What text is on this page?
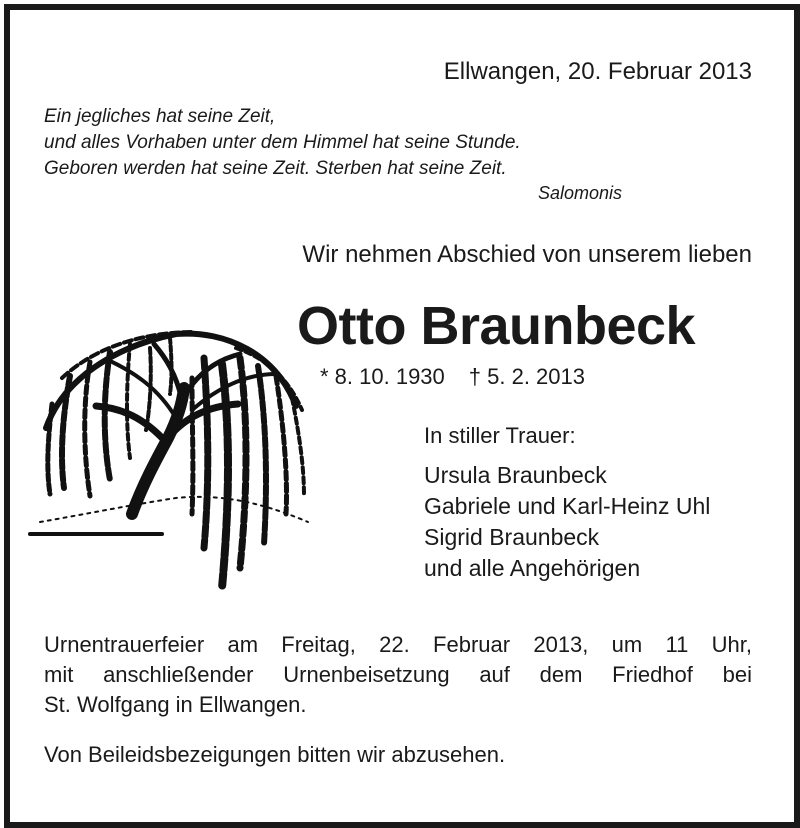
Ellwangen, 20. Februar 2013
Ein jegliches hat seine Zeit,
und alles Vorhaben unter dem Himmel hat seine Stunde.
Geboren werden hat seine Zeit. Sterben hat seine Zeit.
Salomonis
Wir nehmen Abschied von unserem lieben
Otto Braunbeck
* 8. 10. 1930 † 5. 2. 2013
In stiller Trauer:
Ursula Braunbeck
Gabriele und Karl-Heinz Uhl
Sigrid Braunbeck
und alle Angehörigen
Urnentrauerfeier am Freitag, 22. Februar 2013, um 11 Uhr,
mit anschließender Urnenbeisetzung auf dem Friedhof bei
St. Wolfgang in Ellwangen.
Von Beileidsbezeigungen bitten wir abzusehen.
